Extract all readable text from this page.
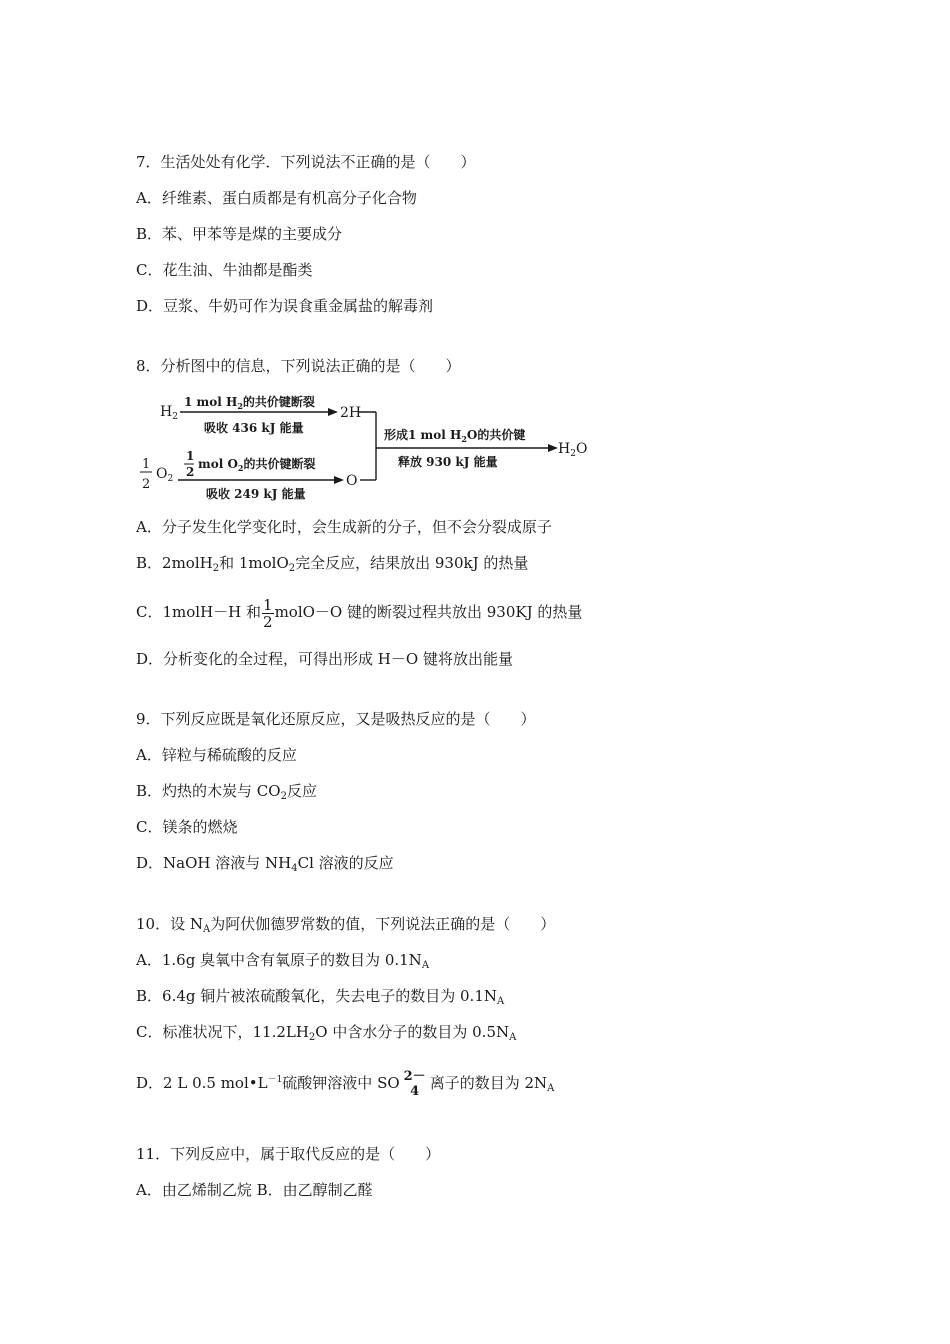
7．生活处处有化学．下列说法不正确的是（　　）
A．纤维素、蛋白质都是有机高分子化合物
B．苯、甲苯等是煤的主要成分
C．花生油、牛油都是酯类
D．豆浆、牛奶可作为误食重金属盐的解毒剂
8．分析图中的信息，下列说法正确的是（　　）
$H_2$
1 mol $H_2$的共价键断裂
吸收 436 kJ 能量
2H
1
2
$O_2$
1
2
mol $O_2$的共价键断裂
吸收 249 kJ 能量
O
形成1 mol $H_2O$的共价键
释放 930 kJ 能量
$H_2O$
A．分子发生化学变化时，会生成新的分子，但不会分裂成原子
B．2molH$_2$和 1molO$_2$完全反应，结果放出 930kJ 的热量
C．1molH－H 和 $\frac{1}{2}$ molO－O 键的断裂过程共放出 930KJ 的热量
D．分析变化的全过程，可得出形成 H－O 键将放出能量
9．下列反应既是氧化还原反应，又是吸热反应的是（　　）
A．锌粒与稀硫酸的反应
B．灼热的木炭与 $CO_2$反应
C．镁条的燃烧
D．NaOH 溶液与 $NH_4Cl$ 溶液的反应
10．设 $N_A$为阿伏伽德罗常数的值，下列说法正确的是（　　）
A．1.6g 臭氧中含有氧原子的数目为 $0.1N_A$
B．6.4g 铜片被浓硫酸氧化，失去电子的数目为 $0.1N_A$
C．标准状况下，$11.2LH_2O$ 中含水分子的数目为 $0.5N_A$
D．2 L 0.5 $mol•L^{-1}$硫酸钾溶液中 SO 2－
4 离子的数目为 $2N_A$
11．下列反应中，属于取代反应的是（　　）
A．由乙烯制乙烷 B．由乙醇制乙醛
